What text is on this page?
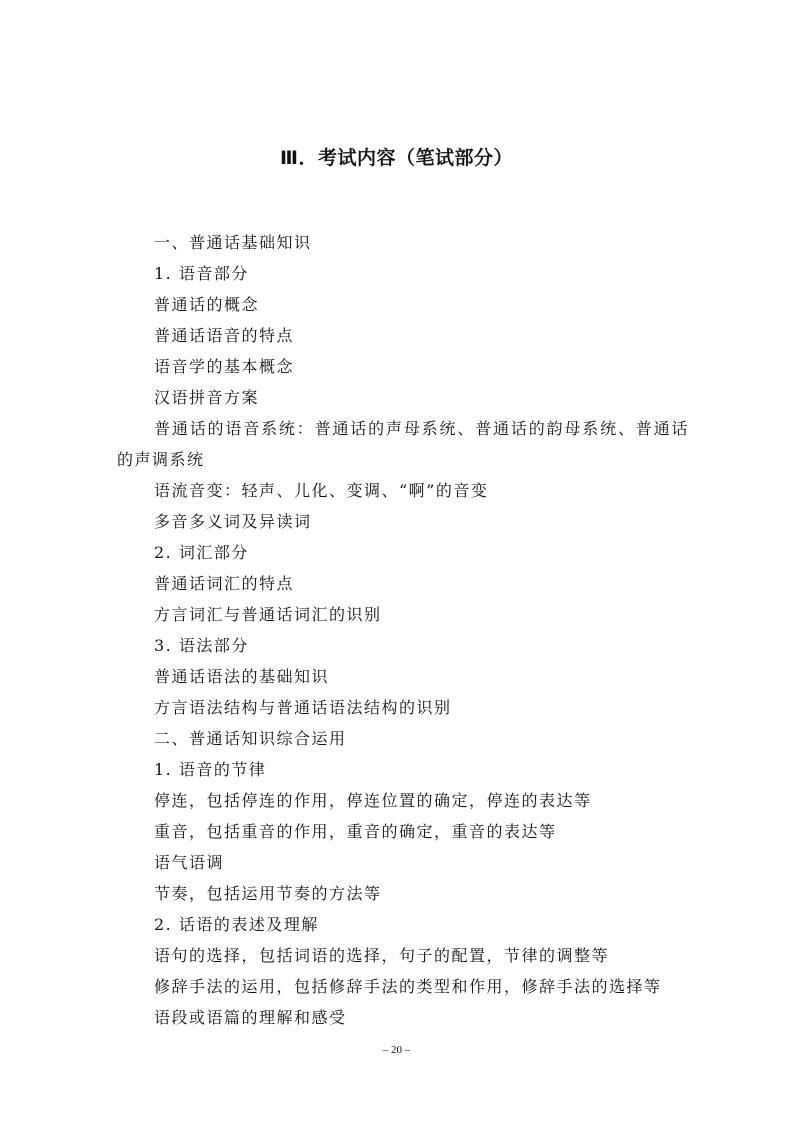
Ⅲ．考试内容（笔试部分）
一、普通话基础知识
1. 语音部分
普通话的概念
普通话语音的特点
语音学的基本概念
汉语拼音方案
普通话的语音系统：普通话的声母系统、普通话的韵母系统、普通话
的声调系统
语流音变：轻声、儿化、变调、“啊”的音变
多音多义词及异读词
2. 词汇部分
普通话词汇的特点
方言词汇与普通话词汇的识别
3. 语法部分
普通话语法的基础知识
方言语法结构与普通话语法结构的识别
二、普通话知识综合运用
1. 语音的节律
停连，包括停连的作用，停连位置的确定，停连的表达等
重音，包括重音的作用，重音的确定，重音的表达等
语气语调
节奏，包括运用节奏的方法等
2. 话语的表述及理解
语句的选择，包括词语的选择，句子的配置，节律的调整等
修辞手法的运用，包括修辞手法的类型和作用，修辞手法的选择等
语段或语篇的理解和感受
– 20 –
